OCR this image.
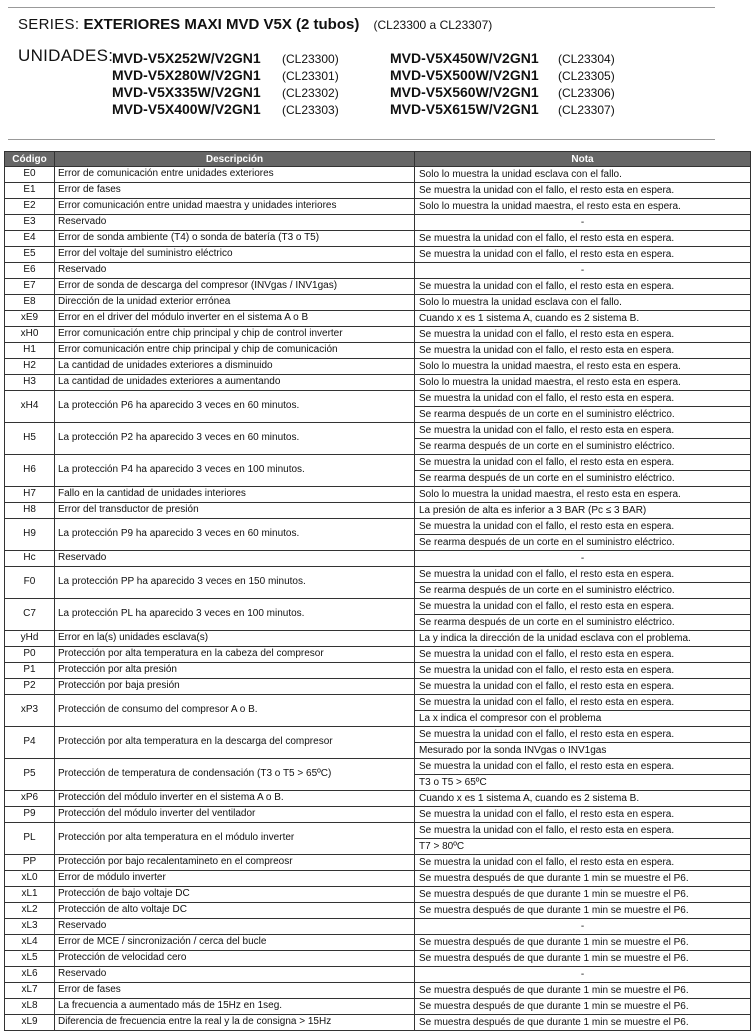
SERIES: EXTERIORES MAXI MVD V5X (2 tubos) (CL23300 a CL23307)
UNIDADES:
MVD-V5X252W/V2GN1 (CL23300)
MVD-V5X280W/V2GN1 (CL23301)
MVD-V5X335W/V2GN1 (CL23302)
MVD-V5X400W/V2GN1 (CL23303)
MVD-V5X450W/V2GN1 (CL23304)
MVD-V5X500W/V2GN1 (CL23305)
MVD-V5X560W/V2GN1 (CL23306)
MVD-V5X615W/V2GN1 (CL23307)
Código	Descripción	Nota
E0	Error de comunicación entre unidades exteriores	Solo lo muestra la unidad esclava con el fallo.

E1	Error de fases	Se muestra la unidad con el fallo, el resto esta en espera.

E2	Error comunicación entre unidad maestra y unidades interiores	Solo lo muestra la unidad maestra, el resto esta en espera.

E3	Reservado	-

E4	Error de sonda ambiente (T4) o sonda de batería (T3 o T5)	Se muestra la unidad con el fallo, el resto esta en espera.

E5	Error del voltaje del suministro eléctrico	Se muestra la unidad con el fallo, el resto esta en espera.

E6	Reservado	-

E7	Error de sonda de descarga del compresor (INVgas / INV1gas)	Se muestra la unidad con el fallo, el resto esta en espera.

E8	Dirección de la unidad exterior errónea	Solo lo muestra la unidad esclava con el fallo.

xE9	Error en el driver del módulo inverter en el sistema A o B	Cuando x es 1 sistema A, cuando es 2 sistema B.

xH0	Error comunicación entre chip principal y chip de control inverter	Se muestra la unidad con el fallo, el resto esta en espera.

H1	Error comunicación entre chip principal y chip de comunicación	Se muestra la unidad con el fallo, el resto esta en espera.

H2	La cantidad de unidades exteriores a disminuido	Solo lo muestra la unidad maestra, el resto esta en espera.

H3	La cantidad de unidades exteriores a aumentando	Solo lo muestra la unidad maestra, el resto esta en espera.

xH4	La protección P6 ha aparecido 3 veces en 60 minutos.	Se muestra la unidad con el fallo, el resto esta en espera.
Se rearma después de un corte en el suministro eléctrico.

H5	La protección P2 ha aparecido 3 veces en 60 minutos.	Se muestra la unidad con el fallo, el resto esta en espera.
Se rearma después de un corte en el suministro eléctrico.

H6	La protección P4 ha aparecido 3 veces en 100 minutos.	Se muestra la unidad con el fallo, el resto esta en espera.
Se rearma después de un corte en el suministro eléctrico.

H7	Fallo en la cantidad de unidades interiores	Solo lo muestra la unidad maestra, el resto esta en espera.

H8	Error del transductor de presión	La presión de alta es inferior a 3 BAR (Pc ≤ 3 BAR)

H9	La protección P9 ha aparecido 3 veces en 60 minutos.	Se muestra la unidad con el fallo, el resto esta en espera.
Se rearma después de un corte en el suministro eléctrico.

Hc	Reservado	-

F0	La protección PP ha aparecido 3 veces en 150 minutos.	Se muestra la unidad con el fallo, el resto esta en espera.
Se rearma después de un corte en el suministro eléctrico.

C7	La protección PL ha aparecido 3 veces en 100 minutos.	Se muestra la unidad con el fallo, el resto esta en espera.
Se rearma después de un corte en el suministro eléctrico.

yHd	Error en la(s) unidades esclava(s)	La y indica la dirección de la unidad esclava con el problema.

P0	Protección por alta temperatura en la cabeza del compresor	Se muestra la unidad con el fallo, el resto esta en espera.

P1	Protección por alta presión	Se muestra la unidad con el fallo, el resto esta en espera.

P2	Protección por baja presión	Se muestra la unidad con el fallo, el resto esta en espera.

xP3	Protección de consumo del compresor A o B.	Se muestra la unidad con el fallo, el resto esta en espera.
La x indica el compresor con el problema

P4	Protección por alta temperatura en la descarga del compresor	Se muestra la unidad con el fallo, el resto esta en espera.
Mesurado por la sonda INVgas o INV1gas

P5	Protección de temperatura de condensación (T3 o T5 > 65ºC)	Se muestra la unidad con el fallo, el resto esta en espera.
T3 o T5 > 65ºC

xP6	Protección del módulo inverter en el sistema A o B.	Cuando x es 1 sistema A, cuando es 2 sistema B.

P9	Protección del módulo inverter del ventilador	Se muestra la unidad con el fallo, el resto esta en espera.

PL	Protección por alta temperatura en el módulo inverter	Se muestra la unidad con el fallo, el resto esta en espera.
T7 > 80ºC

PP	Protección por bajo recalentamineto en el compreosr	Se muestra la unidad con el fallo, el resto esta en espera.

xL0	Error de módulo inverter	Se muestra después de que durante 1 min se muestre el P6.

xL1	Protección de bajo voltaje DC	Se muestra después de que durante 1 min se muestre el P6.

xL2	Protección de alto voltaje DC	Se muestra después de que durante 1 min se muestre el P6.

xL3	Reservado	-

xL4	Error de MCE / sincronización / cerca del bucle	Se muestra después de que durante 1 min se muestre el P6.

xL5	Protección de velocidad cero	Se muestra después de que durante 1 min se muestre el P6.

xL6	Reservado	-

xL7	Error de fases	Se muestra después de que durante 1 min se muestre el P6.

xL8	La frecuencia a aumentado más de 15Hz en 1seg.	Se muestra después de que durante 1 min se muestre el P6.

xL9	Diferencia de frecuencia entre la real y la de consigna > 15Hz	Se muestra después de que durante 1 min se muestre el P6.
